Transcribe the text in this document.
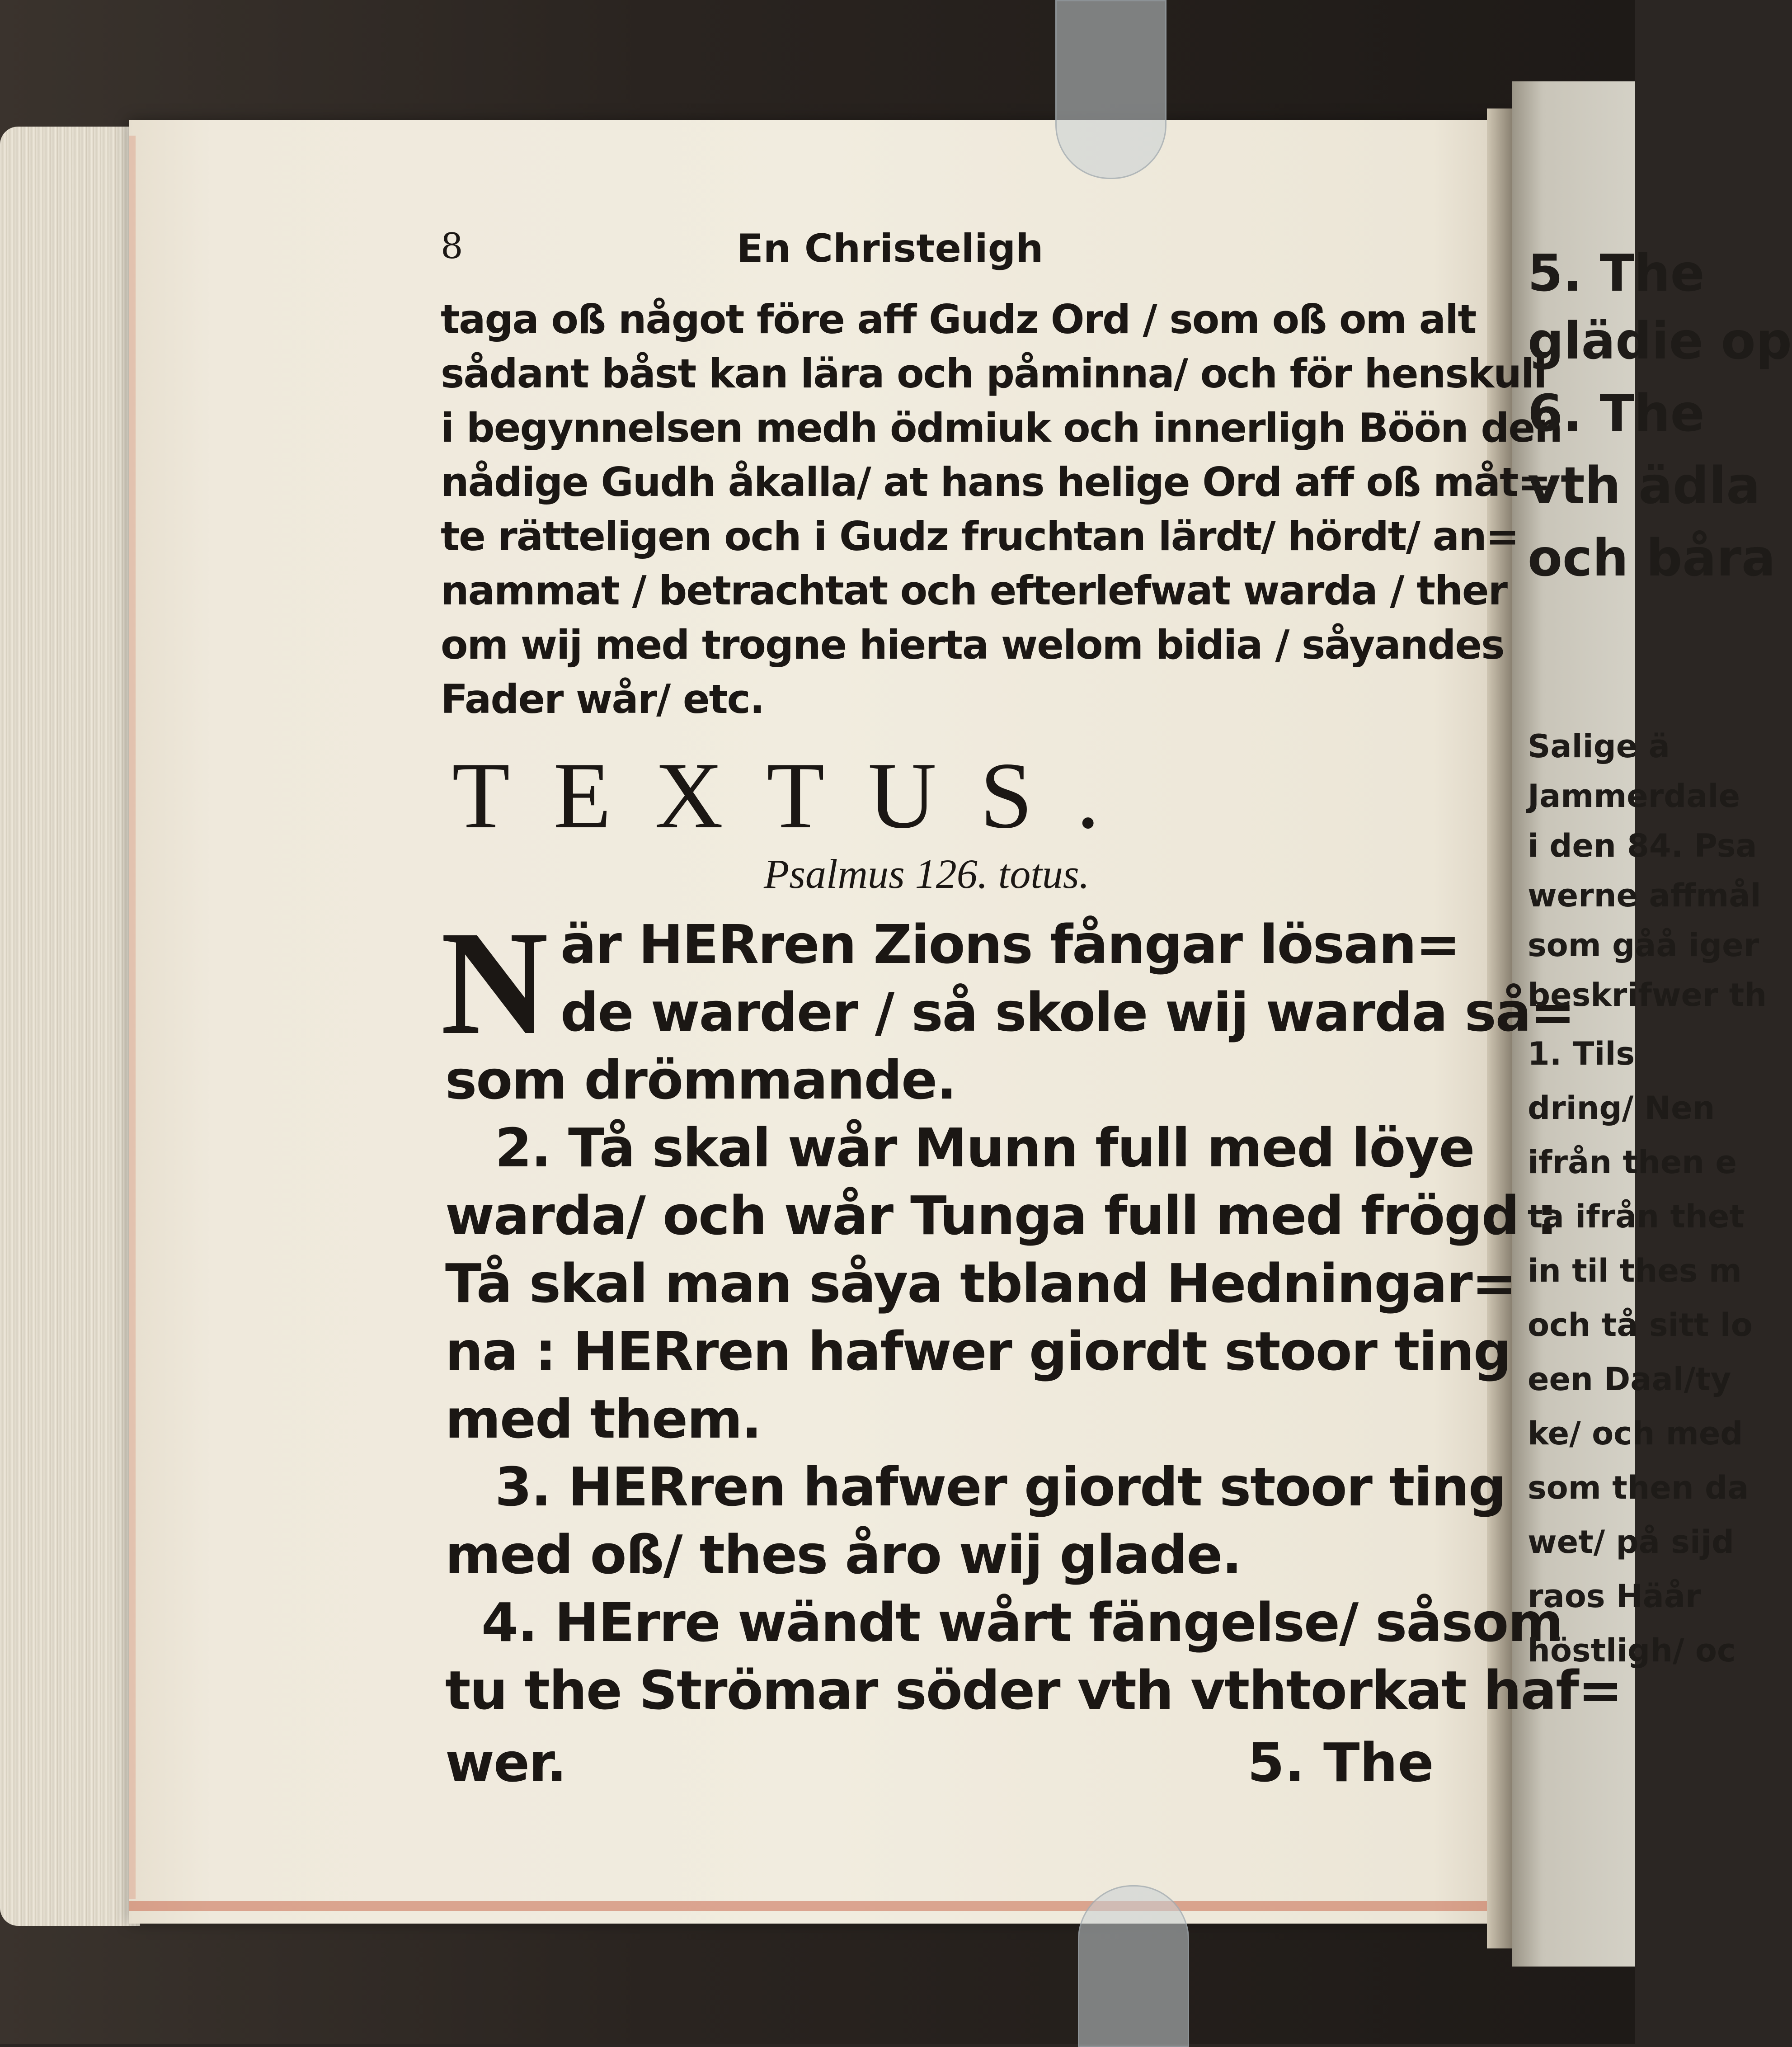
8	En Christeligh
taga oß något före aff Gudz Ord / som oß om alt
sådant båst kan lära och påminna/ och för henskull
i begynnelsen medh ödmiuk och innerligh Böön den
nådige Gudh åkalla/ at hans helige Ord aff oß måt=
te rätteligen och i Gudz fruchtan lärdt/ hördt/ an=
nammat / betrachtat och efterlefwat warda / ther
om wij med trogne hierta welom bidia / såyandes
Fader wår/ etc.
TEXTUS.
Psalmus 126. totus.
N är HERren Zions fångar lösan=
de warder / så skole wij warda så=
som drömmande.
2. Tå skal wår Munn full med löye
warda/ och wår Tunga full med frögd :
Tå skal man såya tbland Hedningar=
na : HERren hafwer giordt stoor ting
med them.
3. HERren hafwer giordt stoor ting
med oß/ thes åro wij glade.
4. HErre wändt wårt fängelse/ såsom
tu the Strömar söder vth vthtorkat haf=
wer.	5. The
5. The
glädie op
6. The
vth ädla
och båra
Salige ä
Jammerdale
i den 84. Psa
werne affmål
som gåå iger
beskrifwer th
1. Tils
dring/ Nen
ifrån then e
ta ifrån thet
in til thes m
och tå sitt lo
een Daal/ty
ke/ och med
som then da
wet/ på sijd
raos Häår
höstligh/ oc
